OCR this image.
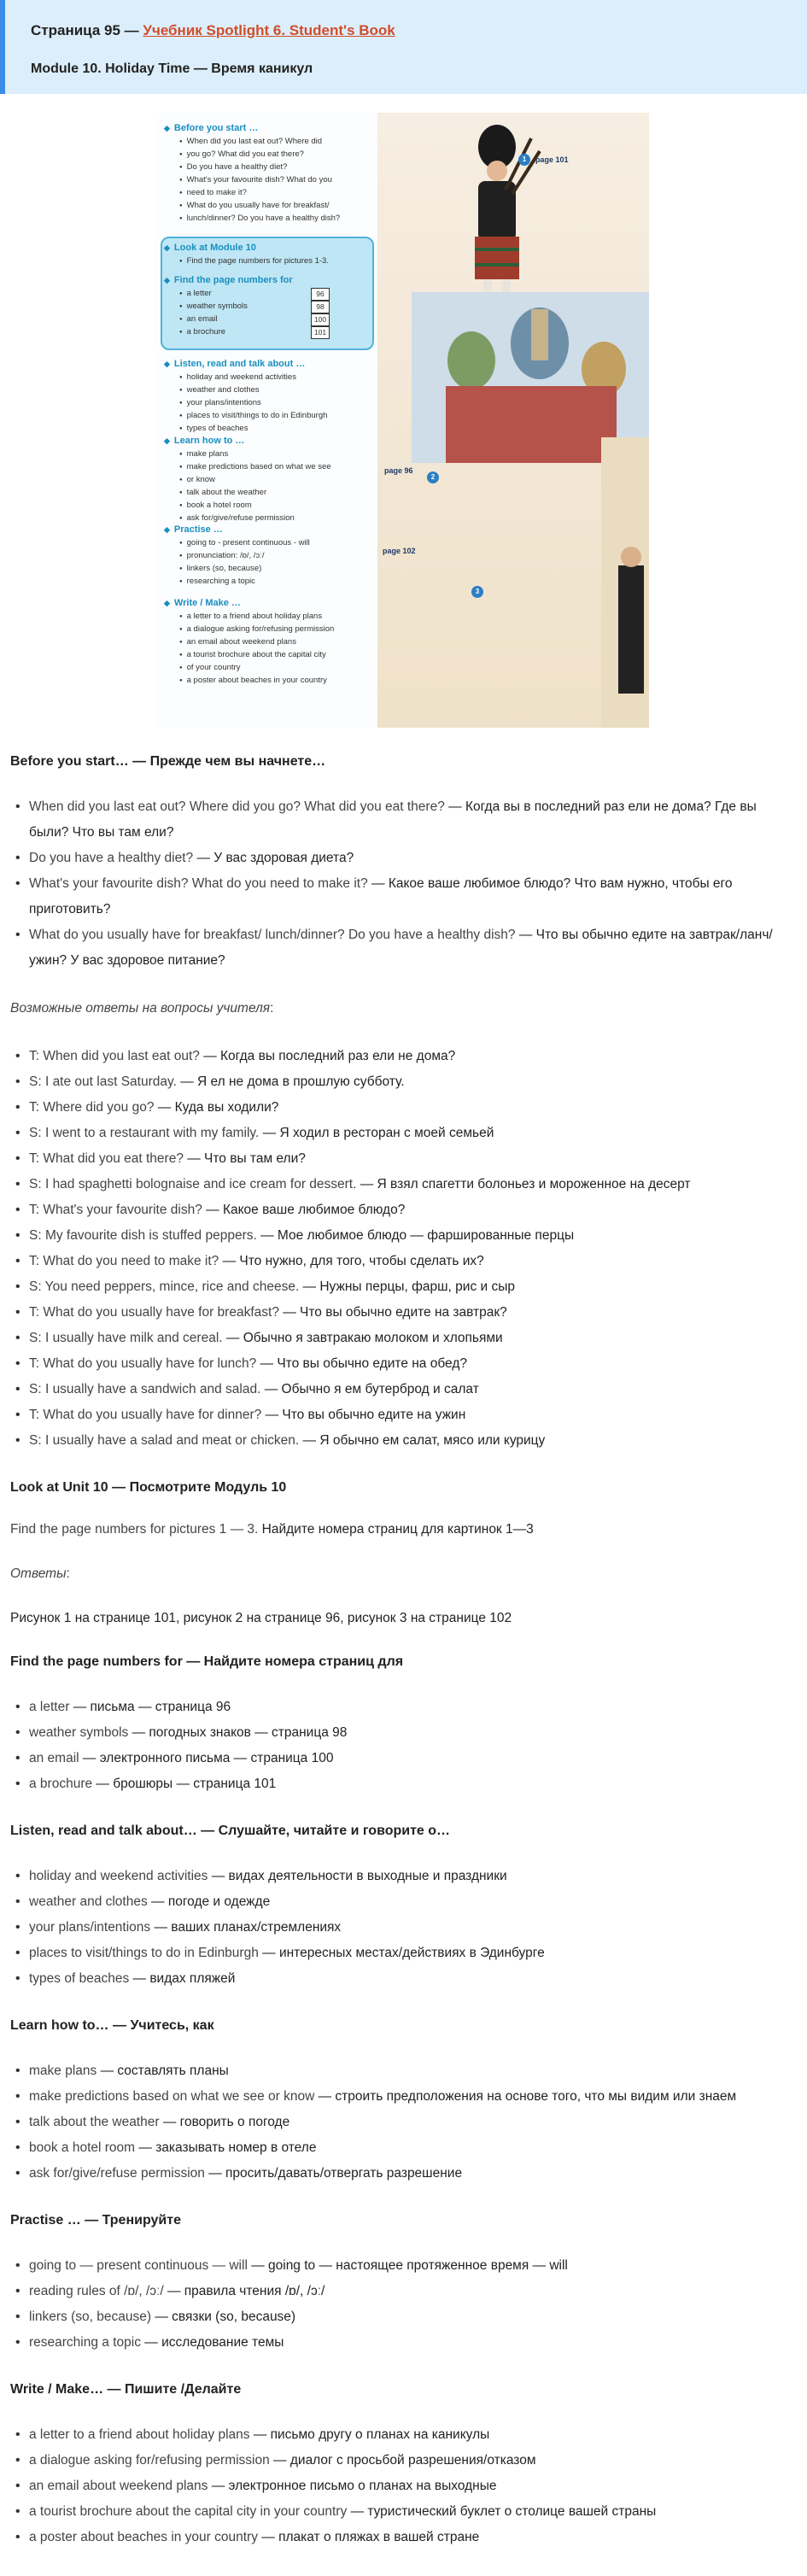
Страница 95 — Учебник Spotlight 6. Student's Book
Module 10. Holiday Time — Время каникул
◆ Before you start …
● When did you last eat out? Where did
● you go? What did you eat there?
● Do you have a healthy diet?
● What's your favourite dish? What do you
● need to make it?
● What do you usually have for breakfast/
● lunch/dinner? Do you have a healthy dish?
◆ Look at Module 10
● Find the page numbers for pictures 1-3.
◆ Find the page numbers for
● a letter	96
● weather symbols	98
● an email	100
● a brochure	101
◆ Listen, read and talk about …
● holiday and weekend activities
● weather and clothes
● your plans/intentions
● places to visit/things to do in Edinburgh
● types of beaches
◆ Learn how to …
● make plans
● make predictions based on what we see
● or know
● talk about the weather
● book a hotel room
● ask for/give/refuse permission
◆ Practise …
● going to - present continuous - will
● pronunciation: /ɒ/, /ɔː/
● linkers (so, because)
● researching a topic
◆ Write / Make …
● a letter to a friend about holiday plans
● a dialogue asking for/refusing permission
● an email about weekend plans
● a tourist brochure about the capital city
● of your country
● a poster about beaches in your country
1	page 101
page 96
2
page 102
3
Before you start… — Прежде чем вы начнете…
• When did you last eat out? Where did you go? What did you eat there? — Когда вы в последний раз ели не дома? Где вы были? Что вы там ели?
• Do you have a healthy diet? — У вас здоровая диета?
• What's your favourite dish? What do you need to make it? — Какое ваше любимое блюдо? Что вам нужно, чтобы его приготовить?
• What do you usually have for breakfast/ lunch/dinner? Do you have a healthy dish? — Что вы обычно едите на завтрак/ланч/ужин? У вас здоровое питание?

Возможные ответы на вопросы учителя:

• T: When did you last eat out? — Когда вы последний раз ели не дома?
• S: I ate out last Saturday. — Я ел не дома в прошлую субботу.
• T: Where did you go? — Куда вы ходили?
• S: I went to a restaurant with my family. — Я ходил в ресторан с моей семьей
• T: What did you eat there? — Что вы там ели?
• S: I had spaghetti bolognaise and ice cream for dessert. — Я взял спагетти болоньез и мороженное на десерт
• T: What's your favourite dish? — Какое ваше любимое блюдо?
• S: My favourite dish is stuffed peppers. — Мое любимое блюдо — фаршированные перцы
• T: What do you need to make it? — Что нужно, для того, чтобы сделать их?
• S: You need peppers, mince, rice and cheese. — Нужны перцы, фарш, рис и сыр
• T: What do you usually have for breakfast? — Что вы обычно едите на завтрак?
• S: I usually have milk and cereal. — Обычно я завтракаю молоком и хлопьями
• T: What do you usually have for lunch? — Что вы обычно едите на обед?
• S: I usually have a sandwich and salad. — Обычно я ем бутерброд и салат
• T: What do you usually have for dinner? — Что вы обычно едите на ужин
• S: I usually have a salad and meat or chicken. — Я обычно ем салат, мясо или курицу
Look at Unit 10 — Посмотрите Модуль 10

Find the page numbers for pictures 1 — 3. Найдите номера страниц для картинок 1—3

Ответы:

Рисунок 1 на странице 101, рисунок 2 на странице 96, рисунок 3 на странице 102

Find the page numbers for — Найдите номера страниц для
• a letter — письма — страница 96
• weather symbols — погодных знаков — страница 98
• an email — электронного письма — страница 100
• a brochure — брошюры — страница 101
Listen, read and talk about… — Слушайте, читайте и говорите о…
• holiday and weekend activities — видах деятельности в выходные и праздники
• weather and clothes — погоде и одежде
• your plans/intentions — ваших планах/стремлениях
• places to visit/things to do in Edinburgh — интересных местах/действиях в Эдинбурге
• types of beaches — видах пляжей
Learn how to… — Учитесь, как
• make plans — составлять планы
• make predictions based on what we see or know — строить предположения на основе того, что мы видим или знаем
• talk about the weather — говорить о погоде
• book a hotel room — заказывать номер в отеле
• ask for/give/refuse permission — просить/давать/отвергать разрешение
Practise … — Тренируйте
• going to — present continuous — will — going to — настоящее протяженное время — will
• reading rules of /ɒ/, /ɔː/ — правила чтения /ɒ/, /ɔː/
• linkers (so, because) — связки (so, because)
• researching a topic — исследование темы
Write / Make… — Пишите /Делайте
• a letter to a friend about holiday plans — письмо другу о планах на каникулы
• a dialogue asking for/refusing permission — диалог с просьбой разрешения/отказом
• an email about weekend plans — электронное письмо о планах на выходные
• a tourist brochure about the capital city in your country — туристический буклет о столице вашей страны
• a poster about beaches in your country — плакат о пляжах в вашей стране
